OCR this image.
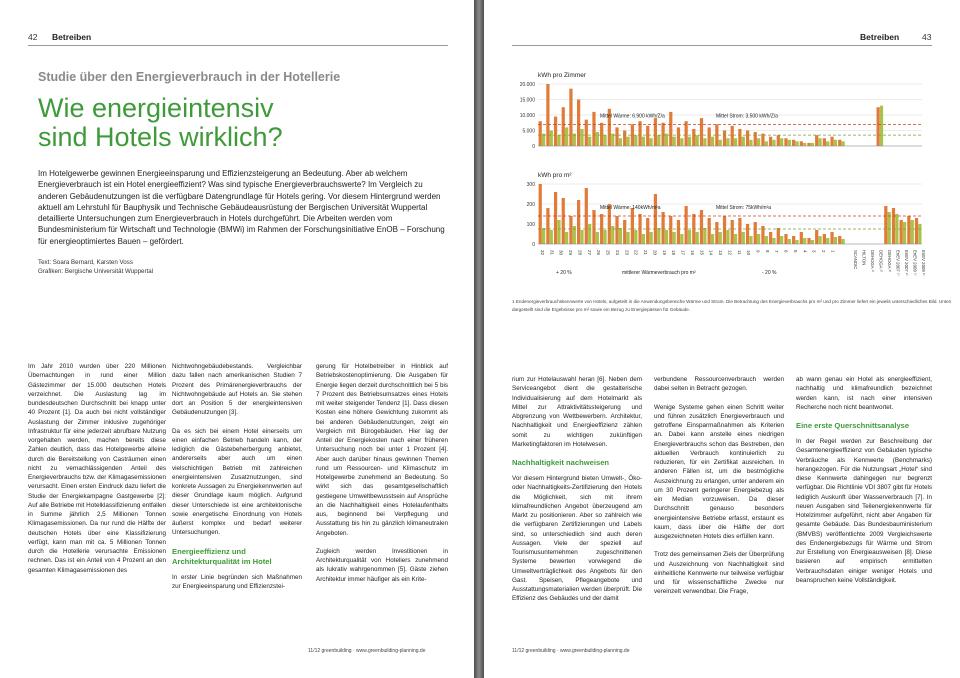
42 Betreiben
Studie über den Energieverbrauch in der Hotellerie
Wie energieintensiv
sind Hotels wirklich?
Im Hotelgewerbe gewinnen Energieeinsparung und Effizienzsteigerung an Bedeutung. Aber ab welchem Energieverbrauch ist ein Hotel energieeffizient? Was sind typische Energieverbrauchswerte? Im Vergleich zu anderen Gebäudenutzungen ist die verfügbare Datengrundlage für Hotels gering. Vor diesem Hintergrund werden aktuell am Lehrstuhl für Bauphysik und Technische Gebäudeausrüstung der Bergischen Universität Wuppertal detaillierte Untersuchungen zum Energieverbrauch in Hotels durchgeführt. Die Arbeiten werden vom Bundesministerium für Wirtschaft und Technologie (BMWi) im Rahmen der Forschungsinitiative EnOB – Forschung für energieoptimiertes Bauen – gefördert.
Text: Soara Bernard, Karsten Voss
Grafiken: Bergische Universität Wuppertal

Im Jahr 2010 wurden über 220 Millionen Übernachtungen in rund einer Million Gästezimmer der 15.000 deutschen Hotels verzeichnet. Die Auslastung lag im bundesdeutschen Durchschnitt bei knapp unter 40 Prozent [1]. Da auch bei nicht vollständiger Auslastung der Zimmer inklusive zugehöriger Infrastruktur für eine jederzeit abrufbare Nutzung vorgehalten werden, machen bereits diese Zahlen deutlich, dass das Hotelgewerbe alleine durch die Bereitstellung von Casträumen einen nicht zu vernachlässigenden Anteil des Energieverbrauchs bzw. der Klimagasemissionen verursacht. Einen ersten Eindruck dazu liefert die Studie der Energiekampagne Gastgewerbe [2]: Auf alle Betriebe mit Hotelklassifizierung entfallen in Summe jährlich 2,5 Millionen Tonnen Klimagasemissionen. Da nur rund die Hälfte der deutschen Hotels über eine Klassifizierung verfügt, kann man mit ca. 5 Millionen Tonnen durch die Hotellerie verursachte Emissionen rechnen. Das ist ein Anteil von 4 Prozent an den gesamten Klimagasemissionen des

Nichtwohngebäudebestands. Vergleichbar dazu fallen nach amerikanischen Studien 7 Prozent des Primärenergieverbrauchs der Nichtwohngebäude auf Hotels an. Sie stehen dort an Position 5 der energieintensiven Gebäudenutzungen [3].

Da es sich bei einem Hotel einerseits um einen einfachen Betrieb handeln kann, der lediglich die Gästebeherbergung anbietet, andererseits aber auch um einen vielschichtigen Betrieb mit zahlreichen energieintensiven Zusatznutzungen, sind konkrete Aussagen zu Energiekennwerten auf dieser Grundlage kaum möglich. Aufgrund dieser Unterschiede ist eine architektonische sowie energetische Einordnung von Hotels äußerst komplex und bedarf weiterer Untersuchungen.

Energieeffizienz und Architekturqualität im Hotel

In erster Linie begründen sich Maßnahmen zur Energieeinsparung und Effizienzstei-

gerung für Hotelbetreiber in Hinblick auf Betriebskostenoptimierung. Die Ausgaben für Energie liegen derzeit durchschnittlich bei 5 bis 7 Prozent des Betriebsumsatzes eines Hotels mit weiter steigender Tendenz [1]. Dass diesen Kosten eine höhere Gewichtung zukommt als bei anderen Gebäudenutzungen, zeigt ein Vergleich mit Bürogebäuden. Hier lag der Anteil der Energiekosten nach einer früheren Untersuchung noch bei unter 1 Prozent [4]. Aber auch darüber hinaus gewinnen Themen rund um Ressourcen- und Klimaschutz im Hotelgewerbe zunehmend an Bedeutung. So wirkt sich das gesamtgesellschaftlich gestiegene Umweltbewusstsein auf Ansprüche an die Nachhaltigkeit eines Hotelaufenthalts aus, beginnend bei Verpflegung und Ausstattung bis hin zu gänzlich klimaneutralen Angeboten.

Zugleich werden Investitionen in Architekturqualität von Hoteliers zunehmend als lukrativ wahrgenommen [5]. Gäste ziehen Architektur immer häufiger als ein Krite-

11/12 greenbuilding · www.greenbuilding-planning.de
Betreiben	43
kWh pro Zimmer
20.000
15.000
10.000
5.000
0
Mittel Wärme: 6.900 kWh/Z/a	Mittel Strom: 3.500 kWh/Z/a
kWh pro m²
300
200
100
0
Mittel Wärme: 140kWh/m²a	Mittel Strom: 75kWh/m²a
32 31 30 29 28 27 26 25 24 23 22 21 20 19 18 17 16 15 14 13 12 11 10 9 8 7 6 5 4 3 2 1	SCANDIC HILTON DEHOGA ¹⁾ DEHOGA ²⁾ DEHOGA ³⁾ EnEV 2007 ¹⁾ EnEV 2007 ²⁾ EnEV 2009 ¹⁾ EnEV 2009 ²⁾
+ 20 %	mittlerer Wärmeverbrauch pro m²	- 20 %
1 Endenergieverbrauchskennwerte von Hotels, aufgeteilt in die Anwendungsbereiche Wärme und Strom. Die Betrachtung des Energieverbrauchs pro m² und pro Zimmer liefert ein jeweils unterschiedliches Bild. Unten dargestellt sind die Ergebnisse pro m² sowie ein Bezug zu Energiepässen für Gebäude.

rium zur Hotelauswahl heran [6]. Neben dem Serviceangebot dient die gestalterische Individualisierung auf dem Hotelmarkt als Mittel zur Attraktivitätssteigerung und Abgrenzung von Wettbewerbern. Architektur, Nachhaltigkeit und Energieeffizienz zählen somit zu wichtigen zukünftigen Marketingfaktoren im Hotelwesen.

Nachhaltigkeit nachweisen

Vor diesem Hintergrund bieten Umwelt-, Öko- oder Nachhaltigkeits-Zertifizierung den Hotels die Möglichkeit, sich mit ihrem klimafreundlichen Angebot überzeugend am Markt zu positionieren. Aber so zahlreich wie die verfügbaren Zertifizierungen und Labels sind, so unterschiedlich sind auch deren Aussagen. Viele der speziell auf Tourismusunternehmen zugeschnittenen Systeme bewerten vorwiegend die Umweltverträglichkeit des Angebots für den Gast. Speisen, Pflegeangebote und Ausstattungsmaterialien werden überprüft. Die Effizienz des Gebäudes und der damit

verbundene Ressourcenverbrauch werden dabei selten in Betracht gezogen.

Wenige Systeme gehen einen Schritt weiter und führen zusätzlich Energieverbrauch und getroffene Einsparmaßnahmen als Kriterien an. Dabei kann anstelle eines niedrigen Energieverbrauchs schon das Bestreben, den aktuellen Verbrauch kontinuierlich zu reduzieren, für ein Zertifikat ausreichen. In anderen Fällen ist, um die bestmögliche Auszeichnung zu erlangen, unter anderem ein um 30 Prozent geringerer Energiebezug als ein Median vorzuweisen. Da dieser Durchschnitt genauso besonders energieintensive Betriebe erfasst, erstaunt es kaum, dass über die Hälfte der dort ausgezeichneten Hotels dies erfüllen kann.

Trotz des gemeinsamen Ziels der Überprüfung und Auszeichnung von Nachhaltigkeit sind einheitliche Kennwerte nur teilweise verfügbar und für wissenschaftliche Zwecke nur vereinzelt verwendbar. Die Frage,

ab wann genau ein Hotel als energieeffizient, nachhaltig und klimafreundlich bezeichnet werden kann, ist nach einer intensiven Recherche noch nicht beantwortet.

Eine erste Querschnittsanalyse

In der Regel werden zur Beschreibung der Gesamtenergieeffizienz von Gebäuden typische Verbräuche als Kennwerte (Benchmarks) herangezogen. Für die Nutzungsart „Hotel“ sind diese Kennwerte dahingegen nur begrenzt verfügbar. Die Richtlinie VDI 3807 gibt für Hotels lediglich Auskunft über Wasserverbrauch [7]. In neuen Ausgaben sind Teilenergiekennwerte für Hotelzimmer aufgeführt, nicht aber Angaben für gesamte Gebäude. Das Bundesbauministerium (BMVBS) veröffentlichte 2009 Vergleichswerte des Endenergiebezugs für Wärme und Strom zur Erstellung von Energieausweisen [8]. Diese basieren auf empirisch ermittelten Verbrauchsdaten einiger weniger Hotels und beanspruchen keine Vollständigkeit.

11/12 greenbuilding · www.greenbuilding-planning.de
